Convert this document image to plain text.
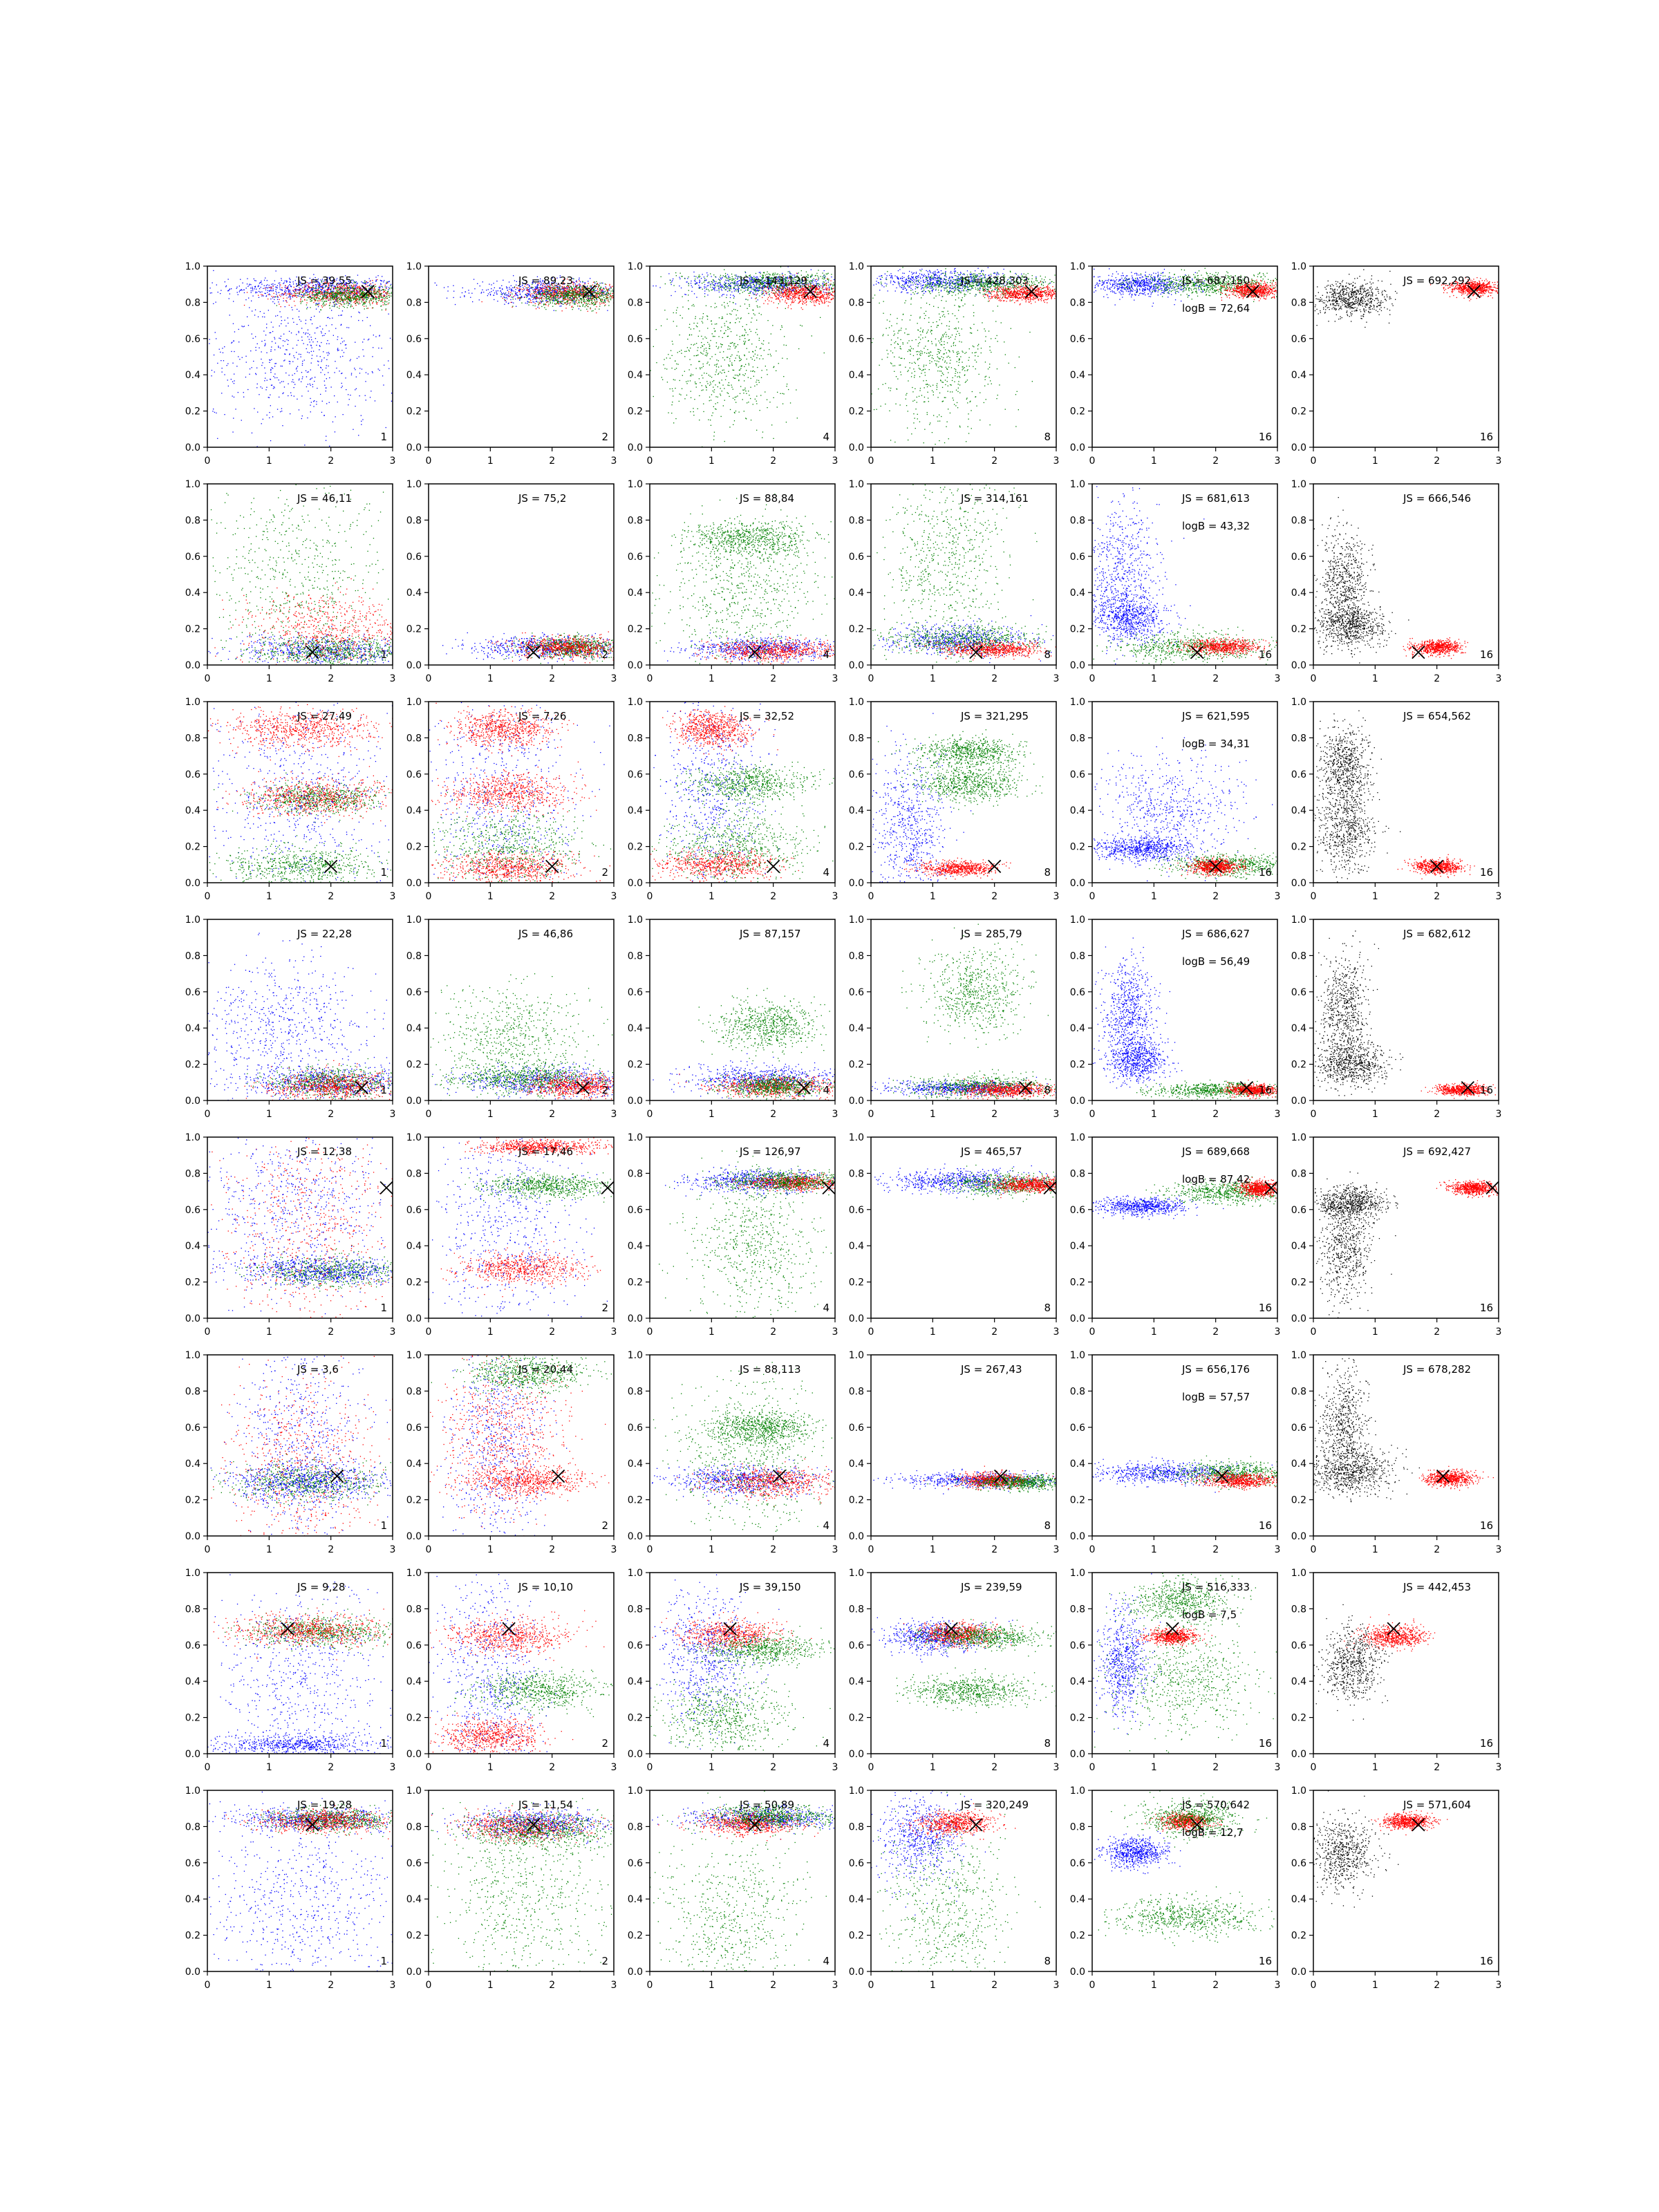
0	1	2	3
0.0
0.2
0.4
0.6
0.8
1.0
JS = 39,55
1
0	1	2	3
0.0
0.2
0.4
0.6
0.8
1.0
JS = 89,23
2
0	1	2	3
0.0
0.2
0.4
0.6
0.8
1.0
JS = 143,129
4
0	1	2	3
0.0
0.2
0.4
0.6
0.8
1.0
JS = 428,303
8
0	1	2	3
0.0
0.2
0.4
0.6
0.8
1.0
JS = 687,150
logB = 72,64
16
0	1	2	3
0.0
0.2
0.4
0.6
0.8
1.0
JS = 692,292
16
0	1	2	3
0.0
0.2
0.4
0.6
0.8
1.0
JS = 46,11
1
0	1	2	3
0.0
0.2
0.4
0.6
0.8
1.0
JS = 75,2
2
0	1	2	3
0.0
0.2
0.4
0.6
0.8
1.0
JS = 88,84
4
0	1	2	3
0.0
0.2
0.4
0.6
0.8
1.0
JS = 314,161
8
0	1	2	3
0.0
0.2
0.4
0.6
0.8
1.0
JS = 681,613
logB = 43,32
16
0	1	2	3
0.0
0.2
0.4
0.6
0.8
1.0
JS = 666,546
16
0	1	2	3
0.0
0.2
0.4
0.6
0.8
1.0
JS = 27,49
1
0	1	2	3
0.0
0.2
0.4
0.6
0.8
1.0
JS = 7,26
2
0	1	2	3
0.0
0.2
0.4
0.6
0.8
1.0
JS = 32,52
4
0	1	2	3
0.0
0.2
0.4
0.6
0.8
1.0
JS = 321,295
8
0	1	2	3
0.0
0.2
0.4
0.6
0.8
1.0
JS = 621,595
logB = 34,31
16
0	1	2	3
0.0
0.2
0.4
0.6
0.8
1.0
JS = 654,562
16
0	1	2	3
0.0
0.2
0.4
0.6
0.8
1.0
JS = 22,28
1
0	1	2	3
0.0
0.2
0.4
0.6
0.8
1.0
JS = 46,86
2
0	1	2	3
0.0
0.2
0.4
0.6
0.8
1.0
JS = 87,157
4
0	1	2	3
0.0
0.2
0.4
0.6
0.8
1.0
JS = 285,79
8
0	1	2	3
0.0
0.2
0.4
0.6
0.8
1.0
JS = 686,627
logB = 56,49
16
0	1	2	3
0.0
0.2
0.4
0.6
0.8
1.0
JS = 682,612
16
0	1	2	3
0.0
0.2
0.4
0.6
0.8
1.0
JS = 12,38
1
0	1	2	3
0.0
0.2
0.4
0.6
0.8
1.0
JS = 17,46
2
0	1	2	3
0.0
0.2
0.4
0.6
0.8
1.0
JS = 126,97
4
0	1	2	3
0.0
0.2
0.4
0.6
0.8
1.0
JS = 465,57
8
0	1	2	3
0.0
0.2
0.4
0.6
0.8
1.0
JS = 689,668
logB = 87,42
16
0	1	2	3
0.0
0.2
0.4
0.6
0.8
1.0
JS = 692,427
16
0	1	2	3
0.0
0.2
0.4
0.6
0.8
1.0
JS = 3,6
1
0	1	2	3
0.0
0.2
0.4
0.6
0.8
1.0
JS = 20,44
2
0	1	2	3
0.0
0.2
0.4
0.6
0.8
1.0
JS = 88,113
4
0	1	2	3
0.0
0.2
0.4
0.6
0.8
1.0
JS = 267,43
8
0	1	2	3
0.0
0.2
0.4
0.6
0.8
1.0
JS = 656,176
logB = 57,57
16
0	1	2	3
0.0
0.2
0.4
0.6
0.8
1.0
JS = 678,282
16
0	1	2	3
0.0
0.2
0.4
0.6
0.8
1.0
JS = 9,28
1
0	1	2	3
0.0
0.2
0.4
0.6
0.8
1.0
JS = 10,10
2
0	1	2	3
0.0
0.2
0.4
0.6
0.8
1.0
JS = 39,150
4
0	1	2	3
0.0
0.2
0.4
0.6
0.8
1.0
JS = 239,59
8
0	1	2	3
0.0
0.2
0.4
0.6
0.8
1.0
JS = 516,333
logB = 7,5
16
0	1	2	3
0.0
0.2
0.4
0.6
0.8
1.0
JS = 442,453
16
0	1	2	3
0.0
0.2
0.4
0.6
0.8
1.0
JS = 19,28
1
0	1	2	3
0.0
0.2
0.4
0.6
0.8
1.0
JS = 11,54
2
0	1	2	3
0.0
0.2
0.4
0.6
0.8
1.0
JS = 50,89
4
0	1	2	3
0.0
0.2
0.4
0.6
0.8
1.0
JS = 320,249
8
0	1	2	3
0.0
0.2
0.4
0.6
0.8
1.0
JS = 570,642
logB = 12,7
16
0	1	2	3
0.0
0.2
0.4
0.6
0.8
1.0
JS = 571,604
16
